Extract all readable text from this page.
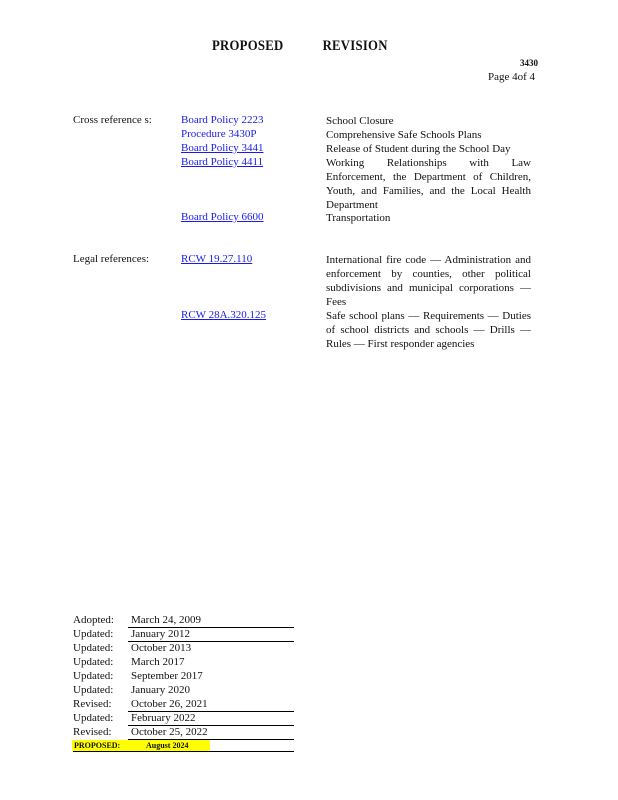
PROPOSED	REVISION
3430
Page 4of 4
Cross reference s:	Board Policy 2223	School Closure
Procedure 3430P	Comprehensive Safe Schools Plans
Board Policy 3441	Release of Student during the School Day
Board Policy 4411	Working Relationships with Law Enforcement, the Department of Children, Youth, and Families, and the Local Health Department
Board Policy 6600	Transportation
Legal references:	RCW 19.27.110	International fire code — Administration and enforcement by counties, other political subdivisions and municipal corporations — Fees
RCW 28A.320.125	Safe school plans — Requirements — Duties of school districts and schools — Drills — Rules — First responder agencies
Adopted: March 24, 2009
Updated: January 2012
Updated: October 2013
Updated: March 2017
Updated: September 2017
Updated: January 2020
Revised: October 26, 2021
Updated: February 2022
Revised: October 25, 2022
PROPOSED:	August 2024
